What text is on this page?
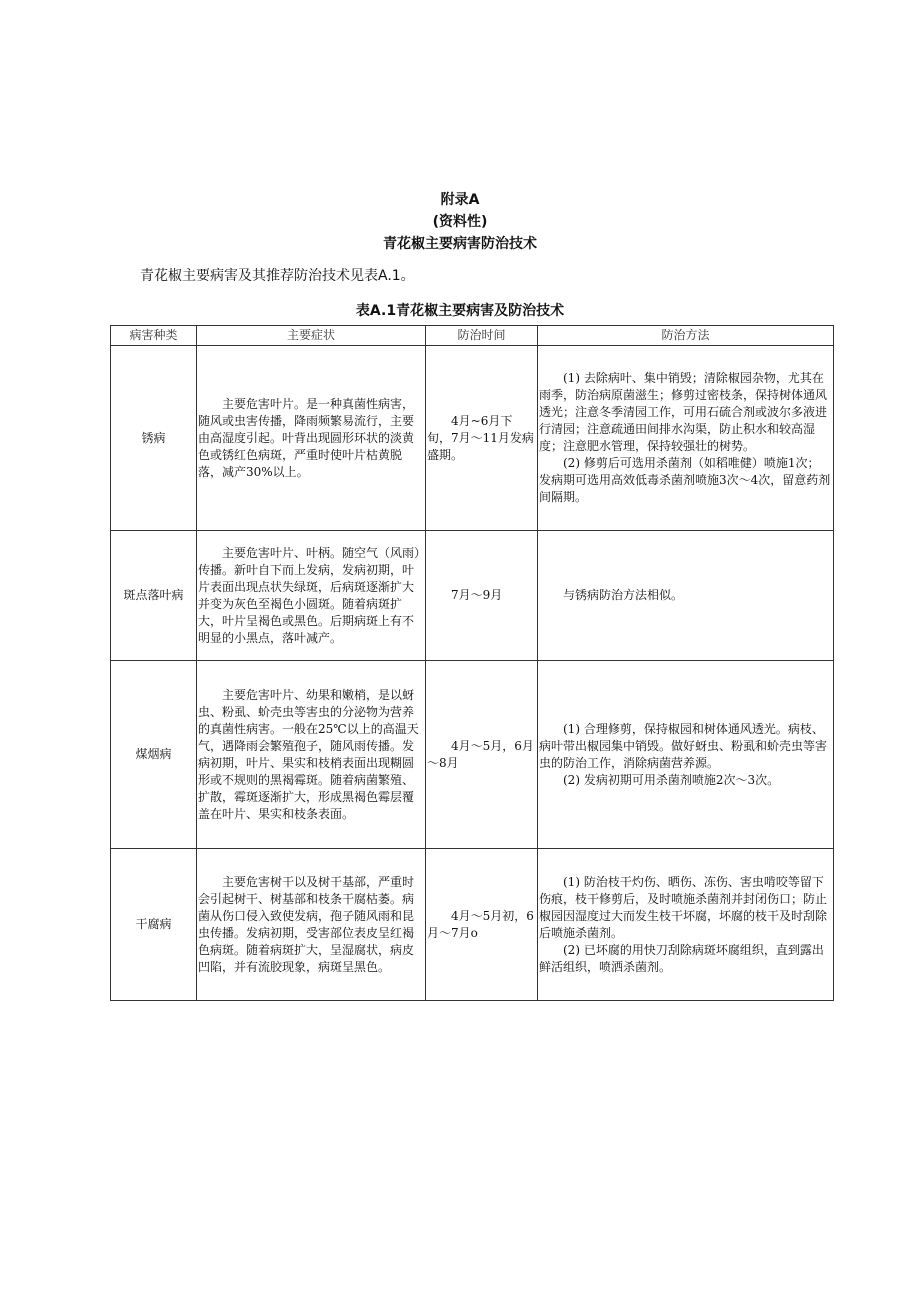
附录A
(资料性)
青花椒主要病害防治技术
青花椒主要病害及其推荐防治技术见表A.1。
表A.1青花椒主要病害及防治技术
病害种类	主要症状	防治时间	防治方法
锈病	主要危害叶片。是一种真菌性病害，随风或虫害传播，降雨频繁易流行，主要由高湿度引起。叶背出现圆形环状的淡黄色或锈红色病斑，严重时使叶片枯黄脱落，减产30%以上。	4月~6月下旬，7月～11月发病盛期。	(1) 去除病叶、集中销毁；清除椒园杂物，尤其在雨季，防治病原菌滋生；修剪过密枝条，保持树体通风透光；注意冬季清园工作，可用石硫合剂或波尔多液进行清园；注意疏通田间排水沟渠，防止积水和较高湿度；注意肥水管理，保持较强壮的树势。

(2) 修剪后可选用杀菌剂（如稻唯健）喷施1次；发病期可选用高效低毒杀菌剂喷施3次～4次，留意药剂间隔期。

斑点落叶病	主要危害叶片、叶柄。随空气（风雨）传播。新叶自下而上发病，发病初期，叶片表面出现点状失绿斑，后病斑逐渐扩大并变为灰色至褐色小圆斑。随着病斑扩大，叶片呈褐色或黑色。后期病斑上有不明显的小黑点，落叶减产。	7月～9月	与锈病防治方法相似。

煤烟病	主要危害叶片、幼果和嫩梢，是以蚜虫、粉虱、蚧壳虫等害虫的分泌物为营养的真菌性病害。一般在25℃以上的高温天气，遇降雨会繁殖孢子，随风雨传播。发病初期，叶片、果实和枝梢表面出现糊圆形或不规则的黑褐霉斑。随着病菌繁殖、扩散，霉斑逐渐扩大，形成黑褐色霉层覆盖在叶片、果实和枝条表面。	4月～5月，6月～8月	(1) 合理修剪，保持椒园和树体通风透光。病枝、病叶带出椒园集中销毁。做好蚜虫、粉虱和蚧壳虫等害虫的防治工作，消除病菌营养源。

(2) 发病初期可用杀菌剂喷施2次～3次。

干腐病	主要危害树干以及树干基部，严重时会引起树干、树基部和枝条干腐枯萎。病菌从伤口侵入致使发病，孢子随风雨和昆虫传播。发病初期，受害部位表皮呈红褐色病斑。随着病斑扩大，呈湿腐状，病皮凹陷，并有流胶现象，病斑呈黑色。	4月～5月初，6月～7月o	(1) 防治枝干灼伤、晒伤、冻伤、害虫啃咬等留下伤痕，枝干修剪后，及时喷施杀菌剂并封闭伤口；防止椒园因湿度过大而发生枝干坏腐，坏腐的枝干及时刮除后喷施杀菌剂。

(2) 已坏腐的用快刀刮除病斑坏腐组织，直到露出鲜活组织，喷洒杀菌剂。
